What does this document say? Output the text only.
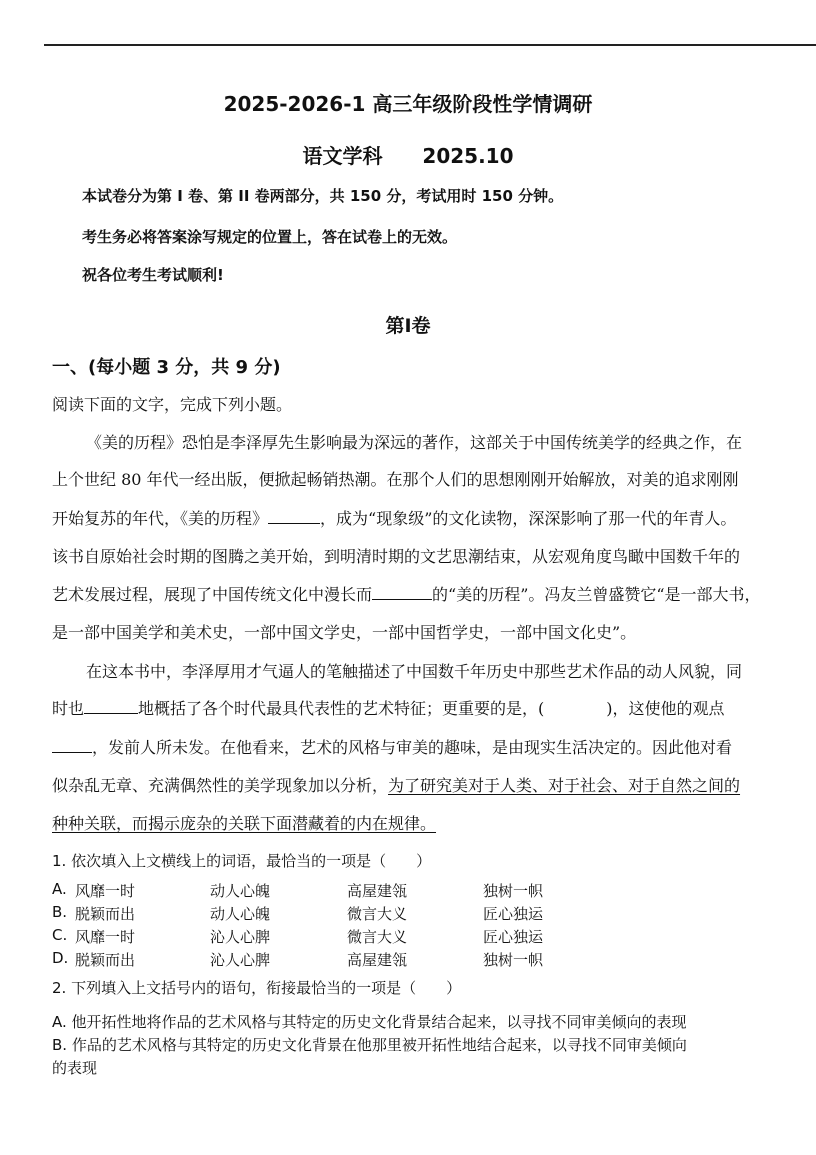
2025-2026-1 高三年级阶段性学情调研
语文学科 2025.10
本试卷分为第 I 卷、第 II 卷两部分，共 150 分，考试用时 150 分钟。
考生务必将答案涂写规定的位置上，答在试卷上的无效。
祝各位考生考试顺利!
第I卷
一、(每小题 3 分，共 9 分)
阅读下面的文字，完成下列小题。
《美的历程》恐怕是李泽厚先生影响最为深远的著作，这部关于中国传统美学的经典之作，在
上个世纪 80 年代一经出版，便掀起畅销热潮。在那个人们的思想刚刚开始解放，对美的追求刚刚
开始复苏的年代，《美的历程》	，成为“现象级”的文化读物，深深影响了那一代的年青人。
该书自原始社会时期的图腾之美开始，到明清时期的文艺思潮结束，从宏观角度鸟瞰中国数千年的
艺术发展过程，展现了中国传统文化中漫长而	的“美的历程”。冯友兰曾盛赞它“是一部大书，
是一部中国美学和美术史，一部中国文学史，一部中国哲学史，一部中国文化史”。
在这本书中，李泽厚用才气逼人的笔触描述了中国数千年历史中那些艺术作品的动人风貌，同
时也	地概括了各个时代最具代表性的艺术特征；更重要的是，(	)，这使他的观点
，发前人所未发。在他看来，艺术的风格与审美的趣味，是由现实生活决定的。因此他对看
似杂乱无章、充满偶然性的美学现象加以分析，为了研究美对于人类、对于社会、对于自然之间的
种种关联，而揭示庞杂的关联下面潜藏着的内在规律。
1. 依次填入上文横线上的词语，最恰当的一项是（　　）
A. 风靡一时	动人心魄	高屋建瓴	独树一帜
B. 脱颖而出	动人心魄	微言大义	匠心独运
C. 风靡一时	沁人心脾	微言大义	匠心独运
D. 脱颖而出	沁人心脾	高屋建瓴	独树一帜
2. 下列填入上文括号内的语句，衔接最恰当的一项是（　　）
A. 他开拓性地将作品的艺术风格与其特定的历史文化背景结合起来，以寻找不同审美倾向的表现
B. 作品的艺术风格与其特定的历史文化背景在他那里被开拓性地结合起来，以寻找不同审美倾向
的表现
